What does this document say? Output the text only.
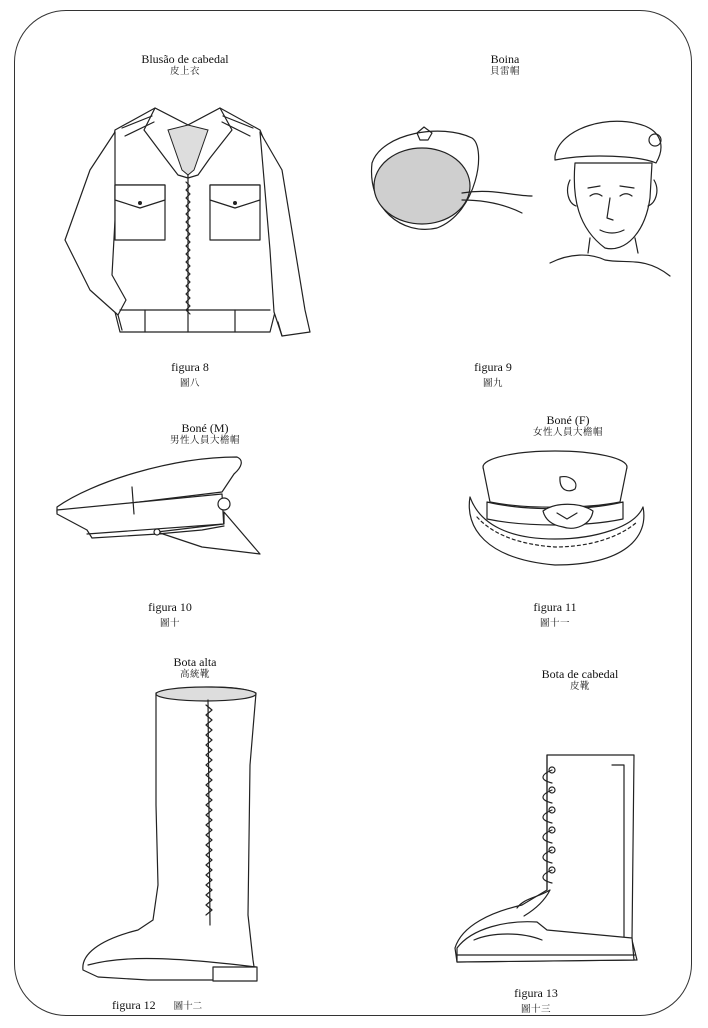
Blusão de cabedal
皮上衣
figura 8
圖八
Boina
貝雷帽
figura 9
圖九
Boné (M)
男性人員大檐帽
figura 10
圖十
Boné (F)
女性人員大檐帽
figura 11
圖十一
Bota alta
高統靴
figura 12 圖十二
Bota de cabedal
皮靴
figura 13
圖十三
